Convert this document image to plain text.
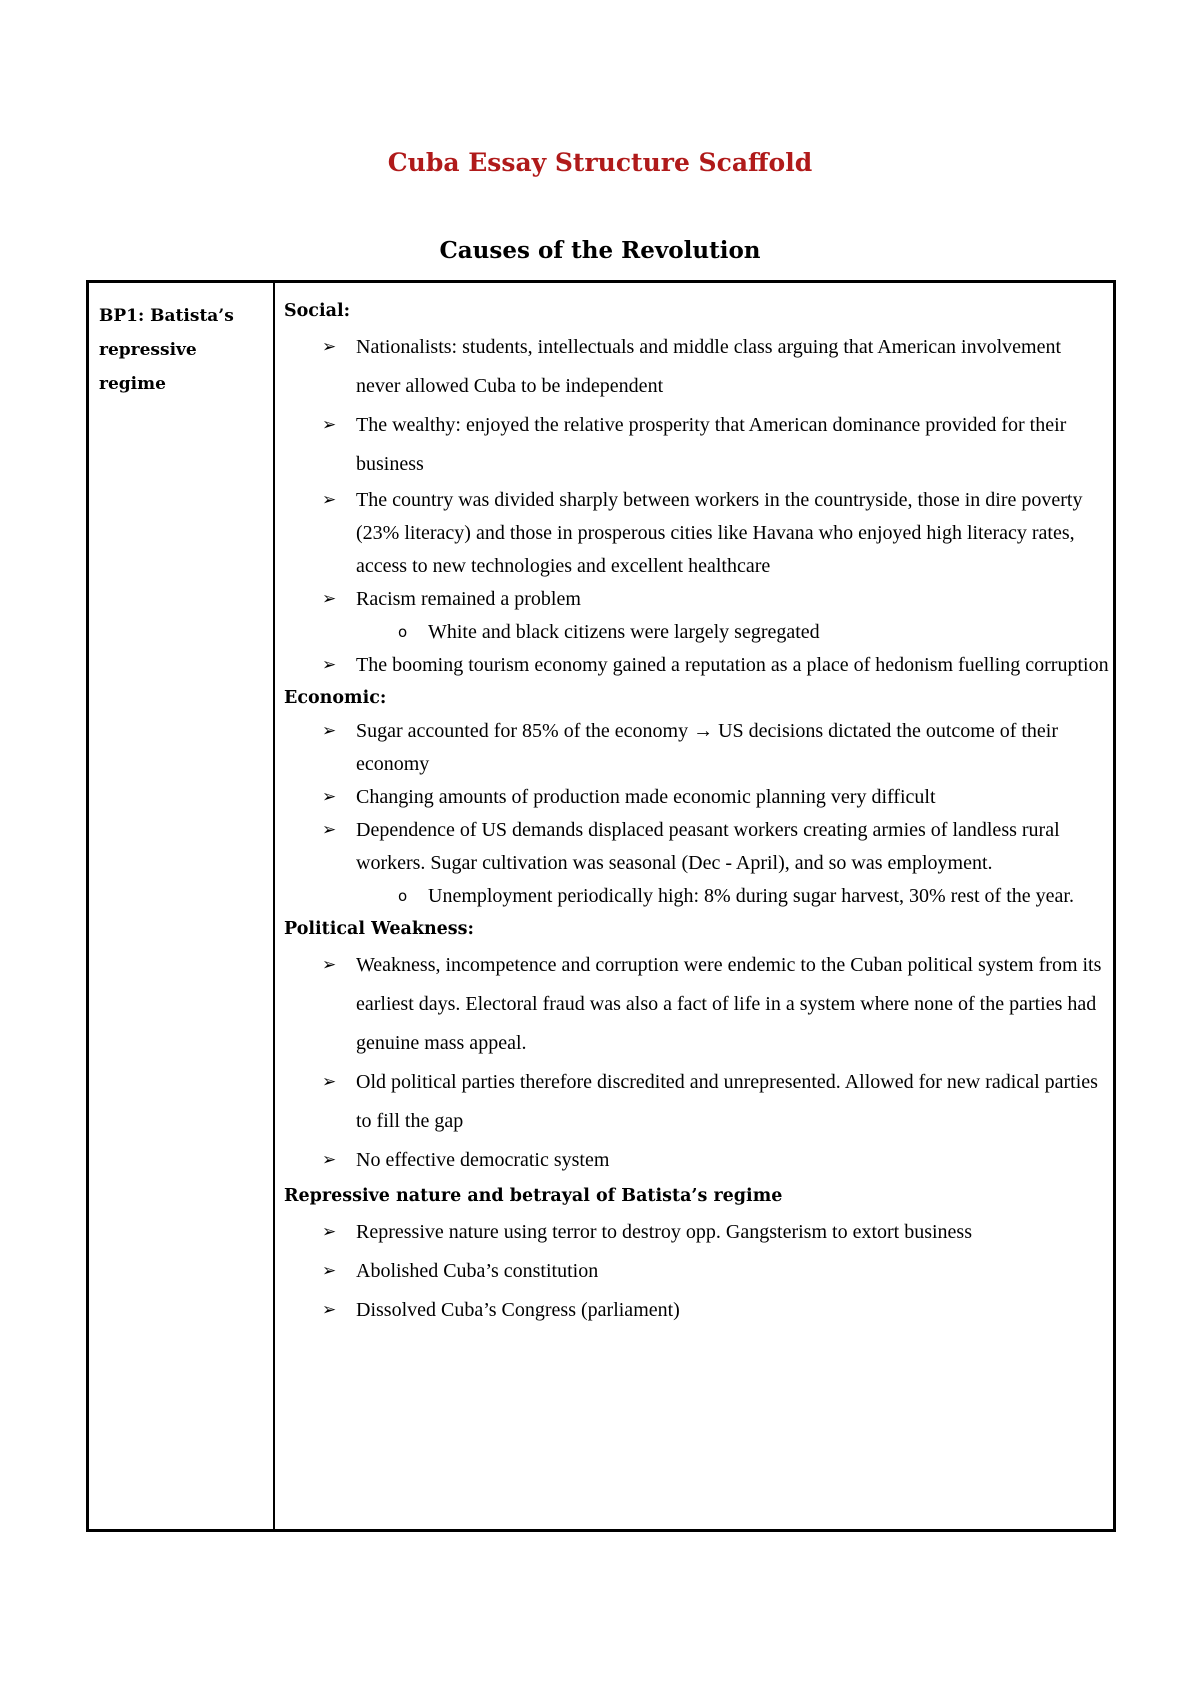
Cuba Essay Structure Scaffold
Causes of the Revolution
BP1: Batista’s repressive regime
Social:
➢ Nationalists: students, intellectuals and middle class arguing that American involvement never allowed Cuba to be independent
➢ The wealthy: enjoyed the relative prosperity that American dominance provided for their business
➢ The country was divided sharply between workers in the countryside, those in dire poverty (23% literacy) and those in prosperous cities like Havana who enjoyed high literacy rates, access to new technologies and excellent healthcare
➢ Racism remained a problem
o White and black citizens were largely segregated
➢ The booming tourism economy gained a reputation as a place of hedonism fuelling corruption
Economic:
➢ Sugar accounted for 85% of the economy → US decisions dictated the outcome of their economy
➢ Changing amounts of production made economic planning very difficult
➢ Dependence of US demands displaced peasant workers creating armies of landless rural workers. Sugar cultivation was seasonal (Dec - April), and so was employment.
o Unemployment periodically high: 8% during sugar harvest, 30% rest of the year.
Political Weakness:
➢ Weakness, incompetence and corruption were endemic to the Cuban political system from its earliest days. Electoral fraud was also a fact of life in a system where none of the parties had genuine mass appeal.
➢ Old political parties therefore discredited and unrepresented. Allowed for new radical parties to fill the gap
➢ No effective democratic system
Repressive nature and betrayal of Batista’s regime
➢ Repressive nature using terror to destroy opp. Gangsterism to extort business
➢ Abolished Cuba’s constitution
➢ Dissolved Cuba’s Congress (parliament)
